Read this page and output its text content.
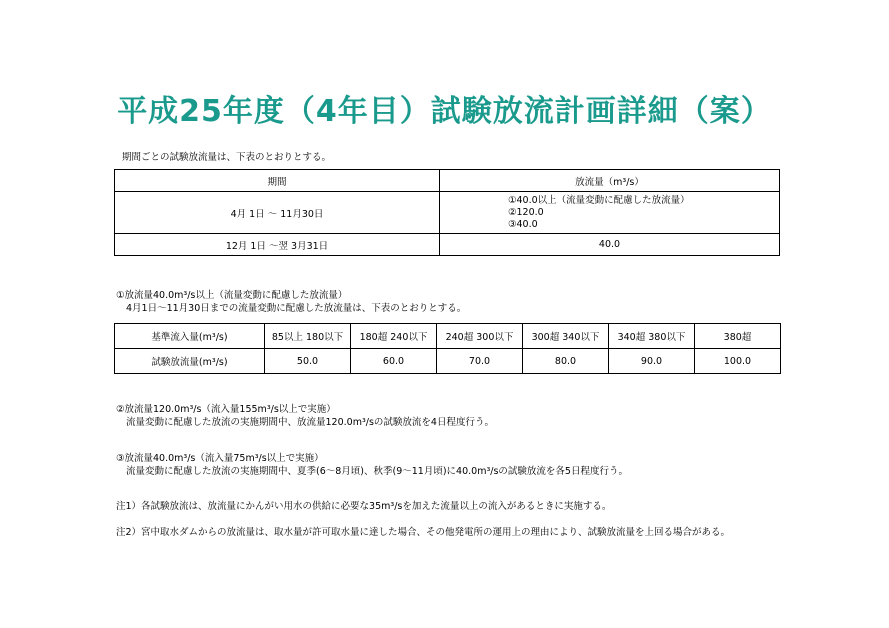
平成25年度（4年目）試験放流計画詳細（案）
期間ごとの試験放流量は、下表のとおりとする。
期間	放流量（m³/s）
4月 1日 ～ 11月30日	①40.0以上（流量変動に配慮した放流量）
②120.0
③40.0

12月 1日 ～翌 3月31日	40.0
①放流量40.0m³/s以上（流量変動に配慮した放流量）
4月1日～11月30日までの流量変動に配慮した放流量は、下表のとおりとする。
基準流入量(m³/s)	85以上 180以下	180超 240以下	240超 300以下	300超 340以下	340超 380以下	380超
試験放流量(m³/s)	50.0	60.0	70.0	80.0	90.0	100.0
②放流量120.0m³/s（流入量155m³/s以上で実施）
流量変動に配慮した放流の実施期間中、放流量120.0m³/sの試験放流を4日程度行う。
③放流量40.0m³/s（流入量75m³/s以上で実施）
流量変動に配慮した放流の実施期間中、夏季(6～8月頃)、秋季(9～11月頃)に40.0m³/sの試験放流を各5日程度行う。
注1）各試験放流は、放流量にかんがい用水の供給に必要な35m³/sを加えた流量以上の流入があるときに実施する。
注2）宮中取水ダムからの放流量は、取水量が許可取水量に達した場合、その他発電所の運用上の理由により、試験放流量を上回る場合がある。
